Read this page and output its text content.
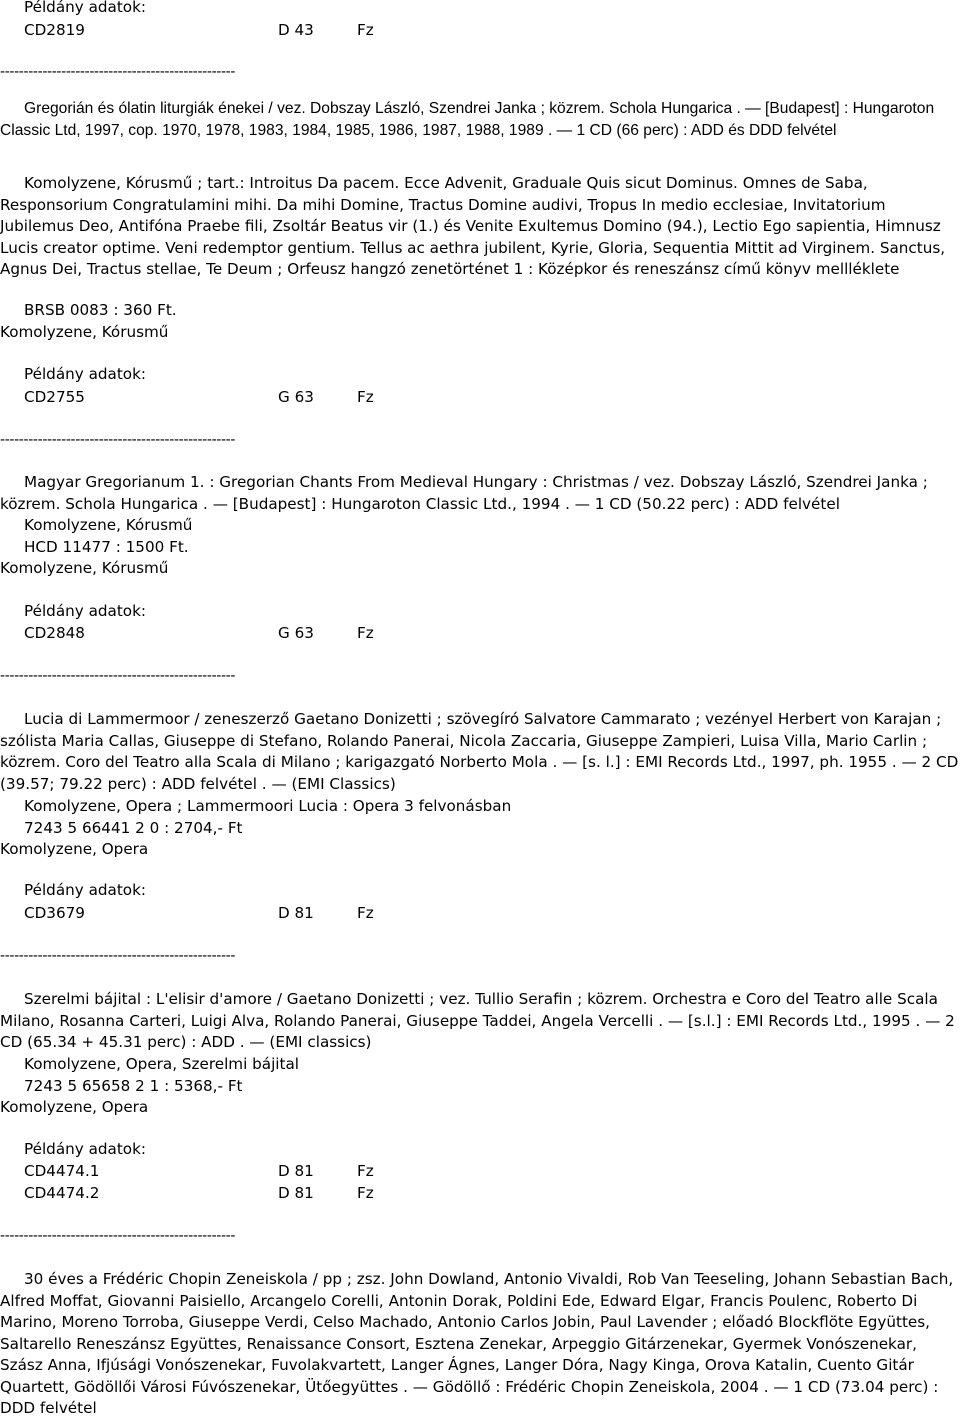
Példány adatok:
CD2819	D 43	Fz
--------------------------------------------------
Gregorián és ólatin liturgiák énekei / vez. Dobszay László, Szendrei Janka ; közrem. Schola Hungarica . — [Budapest] : Hungaroton Classic Ltd, 1997, cop. 1970, 1978, 1983, 1984, 1985, 1986, 1987, 1988, 1989 . — 1 CD (66 perc) : ADD és DDD felvétel
Komolyzene, Kórusmű ; tart.: Introitus Da pacem. Ecce Advenit, Graduale Quis sicut Dominus. Omnes de Saba, Responsorium Congratulamini mihi. Da mihi Domine, Tractus Domine audivi, Tropus In medio ecclesiae, Invitatorium Jubilemus Deo, Antifóna Praebe fili, Zsoltár Beatus vir (1.) és Venite Exultemus Domino (94.), Lectio Ego sapientia, Himnusz Lucis creator optime. Veni redemptor gentium. Tellus ac aethra jubilent, Kyrie, Gloria, Sequentia Mittit ad Virginem. Sanctus, Agnus Dei, Tractus stellae, Te Deum ; Orfeusz hangzó zenetörténet 1 : Középkor és reneszánsz című könyv mellléklete
BRSB 0083 : 360 Ft.
Komolyzene, Kórusmű
Példány adatok:
CD2755	G 63	Fz
--------------------------------------------------
Magyar Gregorianum 1. : Gregorian Chants From Medieval Hungary : Christmas / vez. Dobszay László, Szendrei Janka ; közrem. Schola Hungarica . — [Budapest] : Hungaroton Classic Ltd., 1994 . — 1 CD (50.22 perc) : ADD felvétel
Komolyzene, Kórusmű
HCD 11477 : 1500 Ft.
Komolyzene, Kórusmű
Példány adatok:
CD2848	G 63	Fz
--------------------------------------------------
Lucia di Lammermoor / zeneszerző Gaetano Donizetti ; szövegíró Salvatore Cammarato ; vezényel Herbert von Karajan ; szólista Maria Callas, Giuseppe di Stefano, Rolando Panerai, Nicola Zaccaria, Giuseppe Zampieri, Luisa Villa, Mario Carlin ; közrem. Coro del Teatro alla Scala di Milano ; karigazgató Norberto Mola . — [s. l.] : EMI Records Ltd., 1997, ph. 1955 . — 2 CD (39.57; 79.22 perc) : ADD felvétel . — (EMI Classics)
Komolyzene, Opera ; Lammermoori Lucia : Opera 3 felvonásban
7243 5 66441 2 0 : 2704,- Ft
Komolyzene, Opera
Példány adatok:
CD3679	D 81	Fz
--------------------------------------------------
Szerelmi bájital : L'elisir d'amore / Gaetano Donizetti ; vez. Tullio Serafin ; közrem. Orchestra e Coro del Teatro alle Scala Milano, Rosanna Carteri, Luigi Alva, Rolando Panerai, Giuseppe Taddei, Angela Vercelli . — [s.l.] : EMI Records Ltd., 1995 . — 2 CD (65.34 + 45.31 perc) : ADD . — (EMI classics)
Komolyzene, Opera, Szerelmi bájital
7243 5 65658 2 1 : 5368,- Ft
Komolyzene, Opera
Példány adatok:
CD4474.1	D 81	Fz
CD4474.2	D 81	Fz
--------------------------------------------------
30 éves a Frédéric Chopin Zeneiskola / pp ; zsz. John Dowland, Antonio Vivaldi, Rob Van Teeseling, Johann Sebastian Bach, Alfred Moffat, Giovanni Paisiello, Arcangelo Corelli, Antonin Dorak, Poldini Ede, Edward Elgar, Francis Poulenc, Roberto Di Marino, Moreno Torroba, Giuseppe Verdi, Celso Machado, Antonio Carlos Jobin, Paul Lavender ; előadó Blockflöte Együttes, Saltarello Reneszánsz Együttes, Renaissance Consort, Esztena Zenekar, Arpeggio Gitárzenekar, Gyermek Vonószenekar, Szász Anna, Ifjúsági Vonószenekar, Fuvolakvartett, Langer Ágnes, Langer Dóra, Nagy Kinga, Orova Katalin, Cuento Gitár Quartett, Gödöllői Városi Fúvószenekar, Ütőegyüttes . — Gödöllő : Frédéric Chopin Zeneiskola, 2004 . — 1 CD (73.04 perc) : DDD felvétel
